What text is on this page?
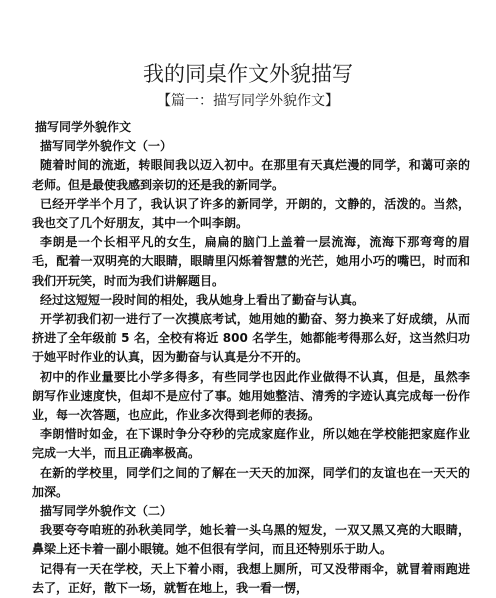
我的同桌作文外貌描写
【篇一：描写同学外貌作文】
描写同学外貌作文
描写同学外貌作文（一）
随着时间的流逝，转眼间我以迈入初中。在那里有天真烂漫的同学，和蔼可亲的老师。但是最使我感到亲切的还是我的新同学。
已经开学半个月了，我认识了许多的新同学，开朗的，文静的，活泼的。当然，我也交了几个好朋友，其中一个叫李朗。
李朗是一个长相平凡的女生，扁扁的脑门上盖着一层流海，流海下那弯弯的眉毛，配着一双明亮的大眼睛，眼睛里闪烁着智慧的光芒，她用小巧的嘴巴，时而和我们开玩笑，时而为我们讲解题目。
经过这短短一段时间的相处，我从她身上看出了勤奋与认真。
开学初我们初一进行了一次摸底考试，她用她的勤奋、努力换来了好成绩，从而挤进了全年级前 5 名，全校有将近 800 名学生，她都能考得那么好，这当然归功于她平时作业的认真，因为勤奋与认真是分不开的。
初中的作业量要比小学多得多，有些同学也因此作业做得不认真，但是，虽然李朗写作业速度快，但却不是应付了事。她用她整洁、清秀的字迹认真完成每一份作业，每一次答题，也应此，作业多次得到老师的表扬。
李朗惜时如金，在下课时争分夺秒的完成家庭作业，所以她在学校能把家庭作业完成一大半，而且正确率极高。
在新的学校里，同学们之间的了解在一天天的加深，同学们的友谊也在一天天的加深。
描写同学外貌作文（二）
我要夸夸咱班的孙秋美同学，她长着一头乌黑的短发，一双又黑又亮的大眼睛，鼻梁上还卡着一副小眼镜。她不但很有学问，而且还特别乐于助人。
记得有一天在学校，天上下着小雨，我想上厕所，可又没带雨伞，就冒着雨跑进去了，正好，散下一场，就暂在地上，我一看一愣，
